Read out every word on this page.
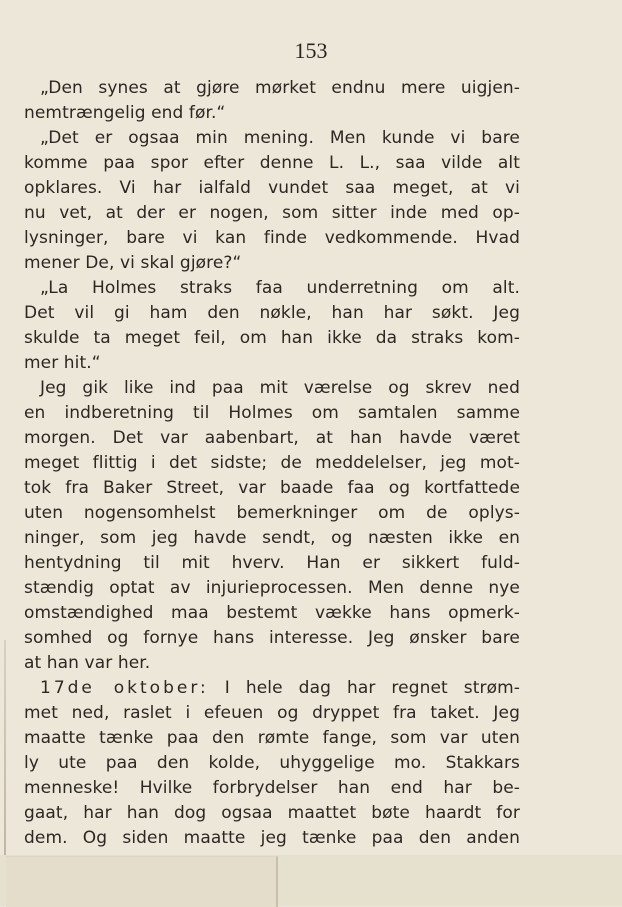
153
„Den synes at gjøre mørket endnu mere uigjen-
nemtrængelig end før.“
„Det er ogsaa min mening. Men kunde vi bare
komme paa spor efter denne L. L., saa vilde alt
opklares. Vi har ialfald vundet saa meget, at vi
nu vet, at der er nogen, som sitter inde med op-
lysninger, bare vi kan finde vedkommende. Hvad
mener De, vi skal gjøre?“
„La Holmes straks faa underretning om alt.
Det vil gi ham den nøkle, han har søkt. Jeg
skulde ta meget feil, om han ikke da straks kom-
mer hit.“
Jeg gik like ind paa mit værelse og skrev ned
en indberetning til Holmes om samtalen samme
morgen. Det var aabenbart, at han havde været
meget flittig i det sidste; de meddelelser, jeg mot-
tok fra Baker Street, var baade faa og kortfattede
uten nogensomhelst bemerkninger om de oplys-
ninger, som jeg havde sendt, og næsten ikke en
hentydning til mit hverv. Han er sikkert fuld-
stændig optat av injurieprocessen. Men denne nye
omstændighed maa bestemt vække hans opmerk-
somhed og fornye hans interesse. Jeg ønsker bare
at han var her.
17de oktober: I hele dag har regnet strøm-
met ned, raslet i efeuen og dryppet fra taket. Jeg
maatte tænke paa den rømte fange, som var uten
ly ute paa den kolde, uhyggelige mo. Stakkars
menneske! Hvilke forbrydelser han end har be-
gaat, har han dog ogsaa maattet bøte haardt for
dem. Og siden maatte jeg tænke paa den anden
